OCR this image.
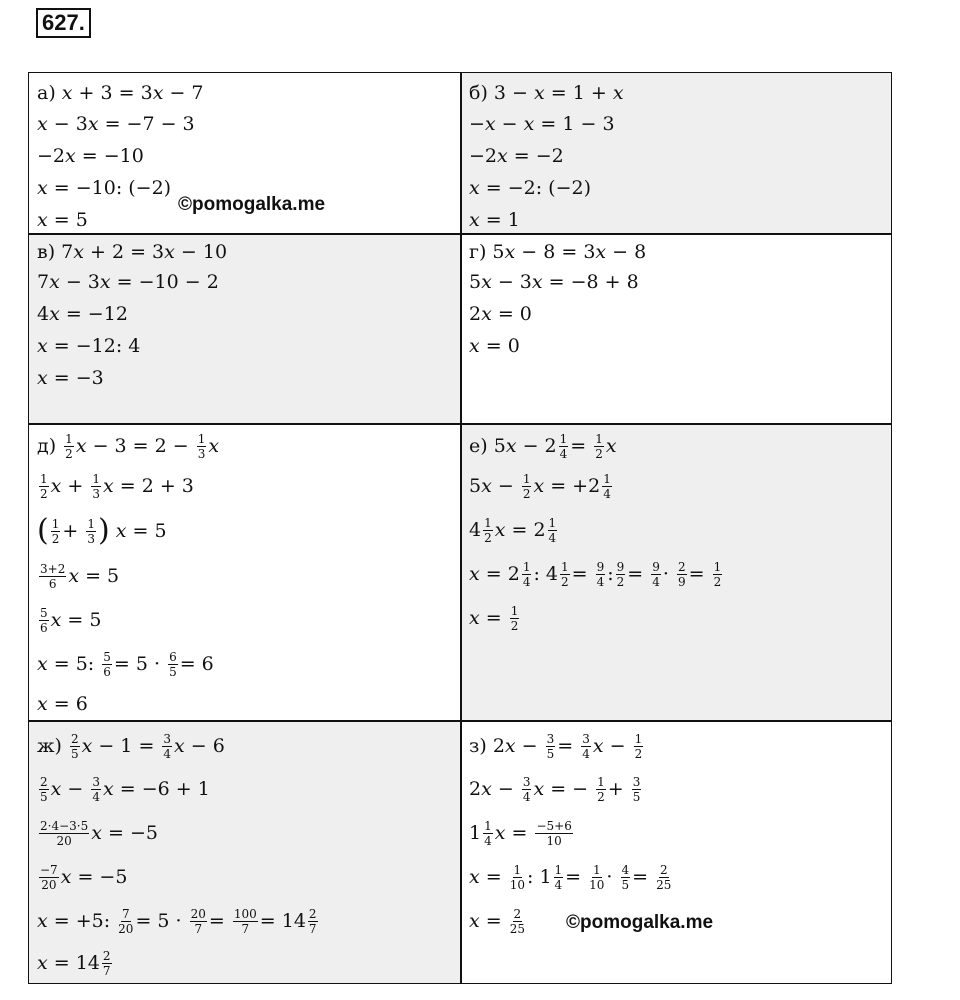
627.
а)
x + 3 = 3 x − 7
x − 3 x = −7 − 3
−2 x = −10
x = −10: (−2)
x = 5
б) 3 − x = 1 + x
− x − x = 1 − 3
−2 x = −2
x = −2: (−2)
x = 1
в) 7 x + 2 = 3 x − 10
7 x − 3 x = −10 − 2
4 x = −12
x = −12: 4
x = −3
г) 5 x − 8 = 3 x − 8
5 x − 3 x = −8 + 8
2 x = 0
x = 0
д)
$\frac{1}{2}$ $x - 3 = 2 - \frac{1}{3}$ x
$\frac{1}{2}$ $x + \frac{1}{3}$ x = 2 + 3
( $\frac{1}{2} + \frac{1}{3}$ )
x = 5
$\frac{3+2}{6}$ x = 5
$\frac{5}{6}$ x = 5
x = 5: $\frac{5}{6} = 5 \cdot \frac{6}{5} = 6$
x = 6
е) 5 $x - 2 \frac{1}{4} = \frac{1}{2}$ x
5 $x - \frac{1}{2}$ $x = +2 \frac{1}{4}$
$4 \frac{1}{2}$ $x = 2 \frac{1}{4}$
$x = 2 \frac{1}{4}$ : $4 \frac{1}{2} = \frac{9}{4}$ : $\frac{9}{2} = \frac{9}{4} \cdot \frac{2}{9} = \frac{1}{2}$
$x = \frac{1}{2}$
ж)
$\frac{2}{5}$ $x - 1 = \frac{3}{4}$ x − 6
$\frac{2}{5}$ $x - \frac{3}{4}$ x = −6 + 1
$\frac{2\cdot 4-3\cdot 5}{20}$ x = −5
$\frac{-7}{20}$ x = −5
x = +5: $\frac{7}{20} = 5 \cdot \frac{20}{7} = \frac{100}{7} = 14 \frac{2}{7}$
$x = 14 \frac{2}{7}$
з) 2 $x - \frac{3}{5} = \frac{3}{4}$ $x - \frac{1}{2}$
2 $x - \frac{3}{4}$ x = − $\frac{1}{2} + \frac{3}{5}$
$1 \frac{1}{4}$ $x = \frac{-5+6}{10}$
$x = \frac{1}{10}$ : $1 \frac{1}{4} = \frac{1}{10} \cdot \frac{4}{5} = \frac{2}{25}$
$x = \frac{2}{25}$
©pomogalka.me
©pomogalka.me
